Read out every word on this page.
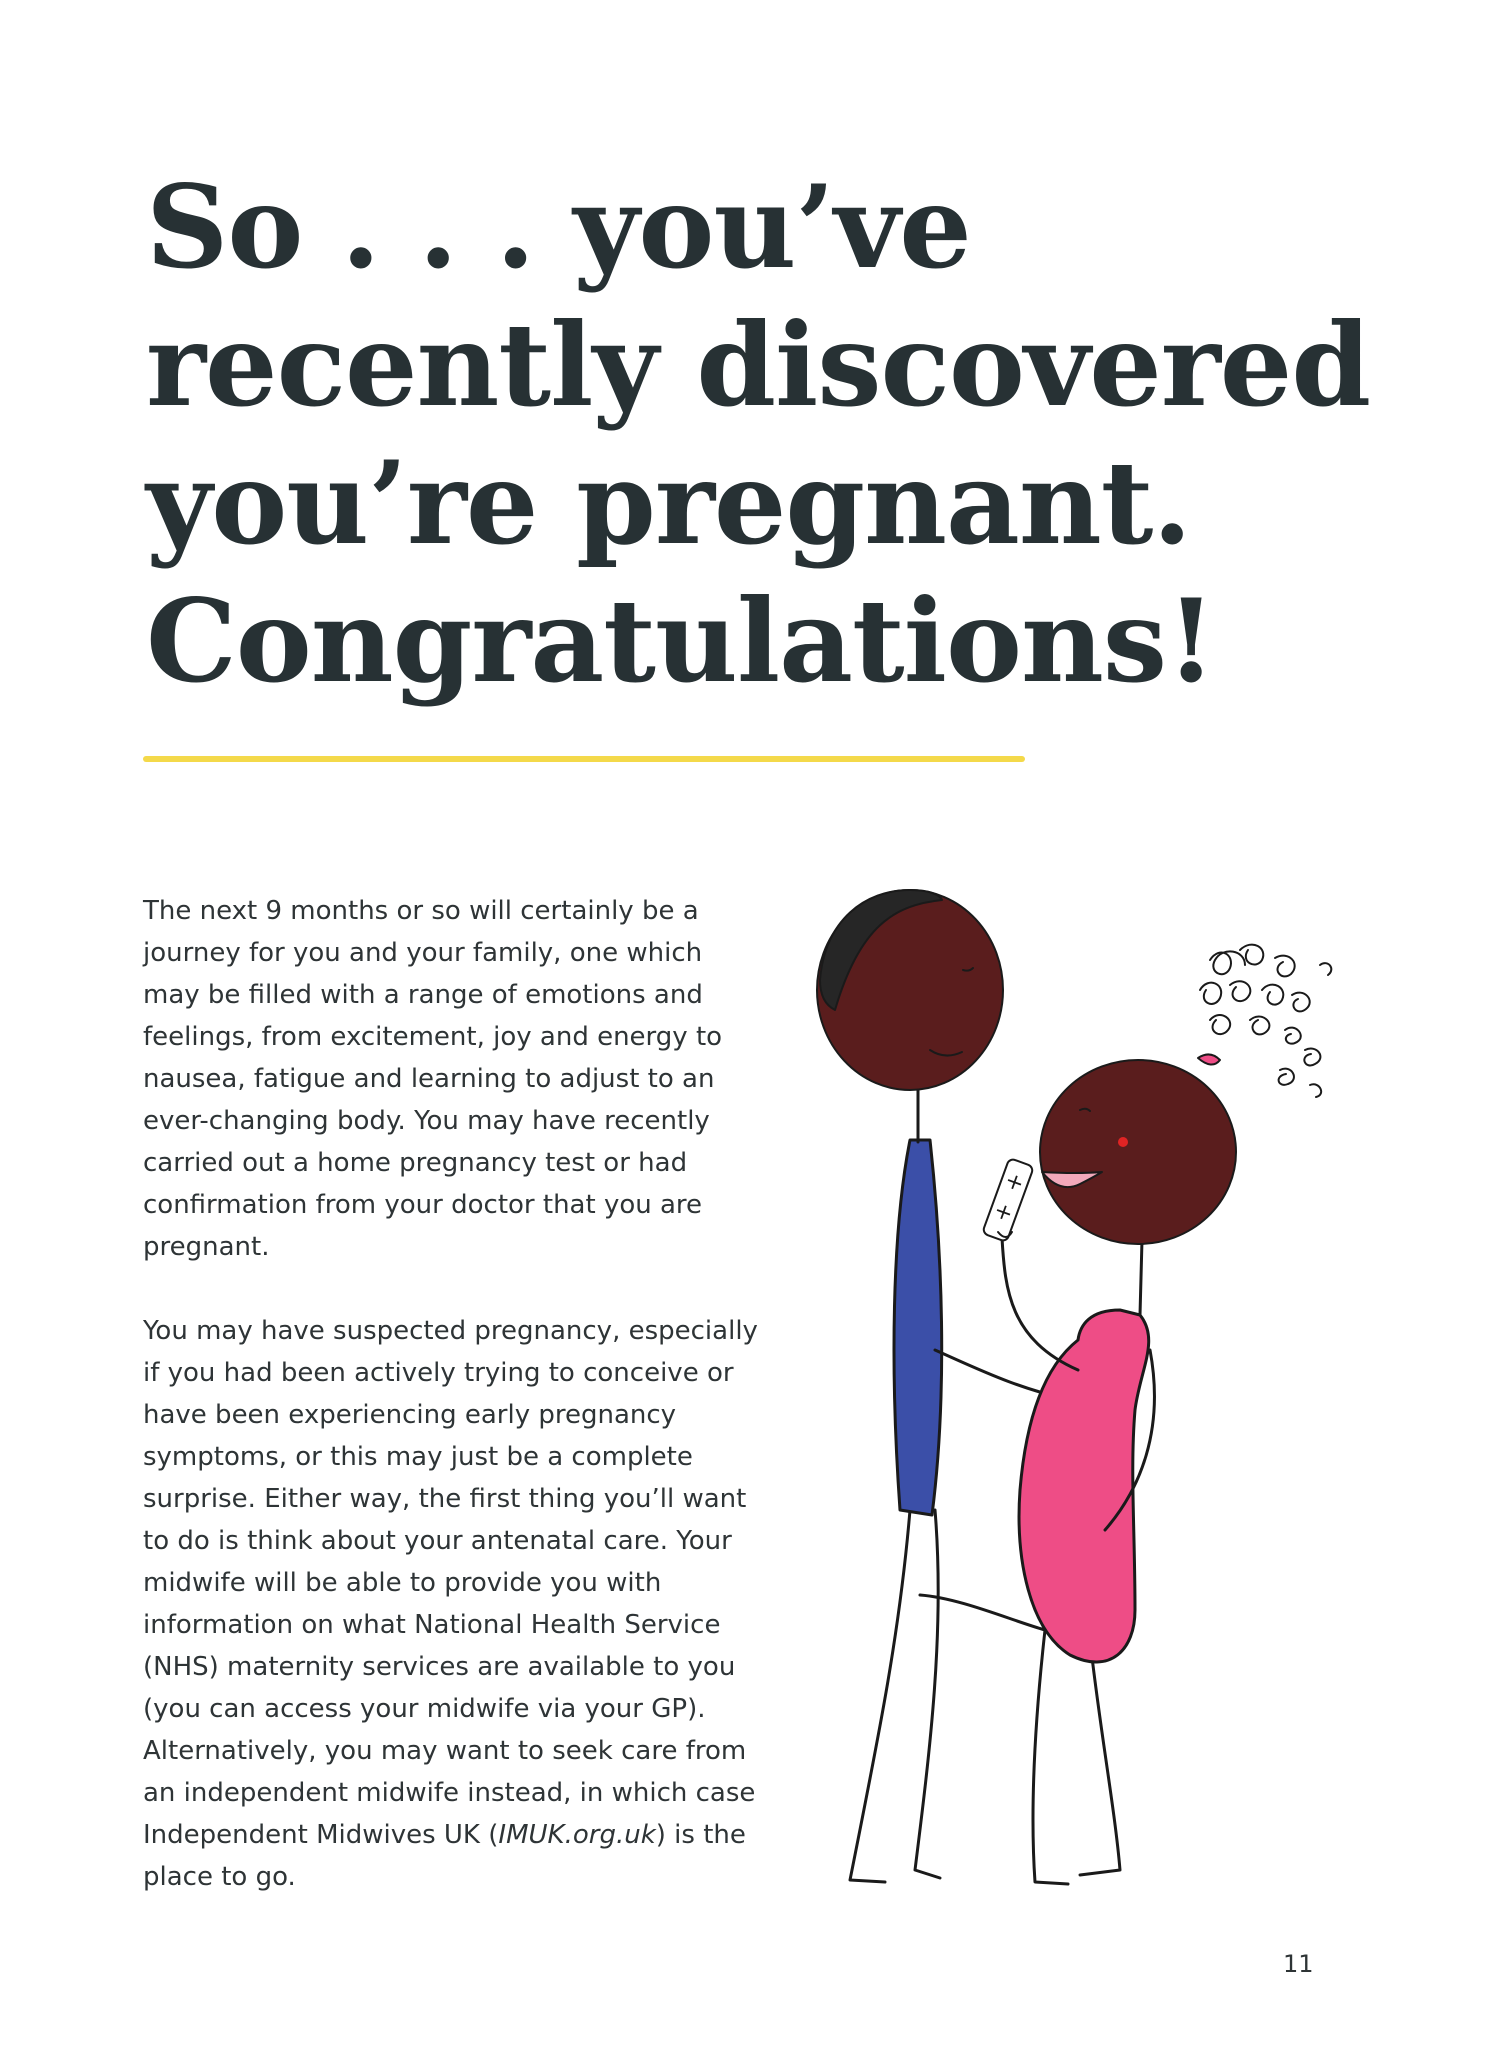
So . . . you’ve
recently discovered
you’re pregnant.
Congratulations!

The next 9 months or so will certainly be a journey for you and your family, one which may be filled with a range of emotions and feelings, from excitement, joy and energy to nausea, fatigue and learning to adjust to an ever-changing body. You may have recently carried out a home pregnancy test or had confirmation from your doctor that you are pregnant.

You may have suspected pregnancy, especially if you had been actively trying to conceive or have been experiencing early pregnancy symptoms, or this may just be a complete surprise. Either way, the first thing you’ll want to do is think about your antenatal care. Your midwife will be able to provide you with information on what National Health Service (NHS) maternity services are available to you (you can access your midwife via your GP). Alternatively, you may want to seek care from an independent midwife instead, in which case Independent Midwives UK (IMUK.org.uk) is the place to go.

+
+
11
